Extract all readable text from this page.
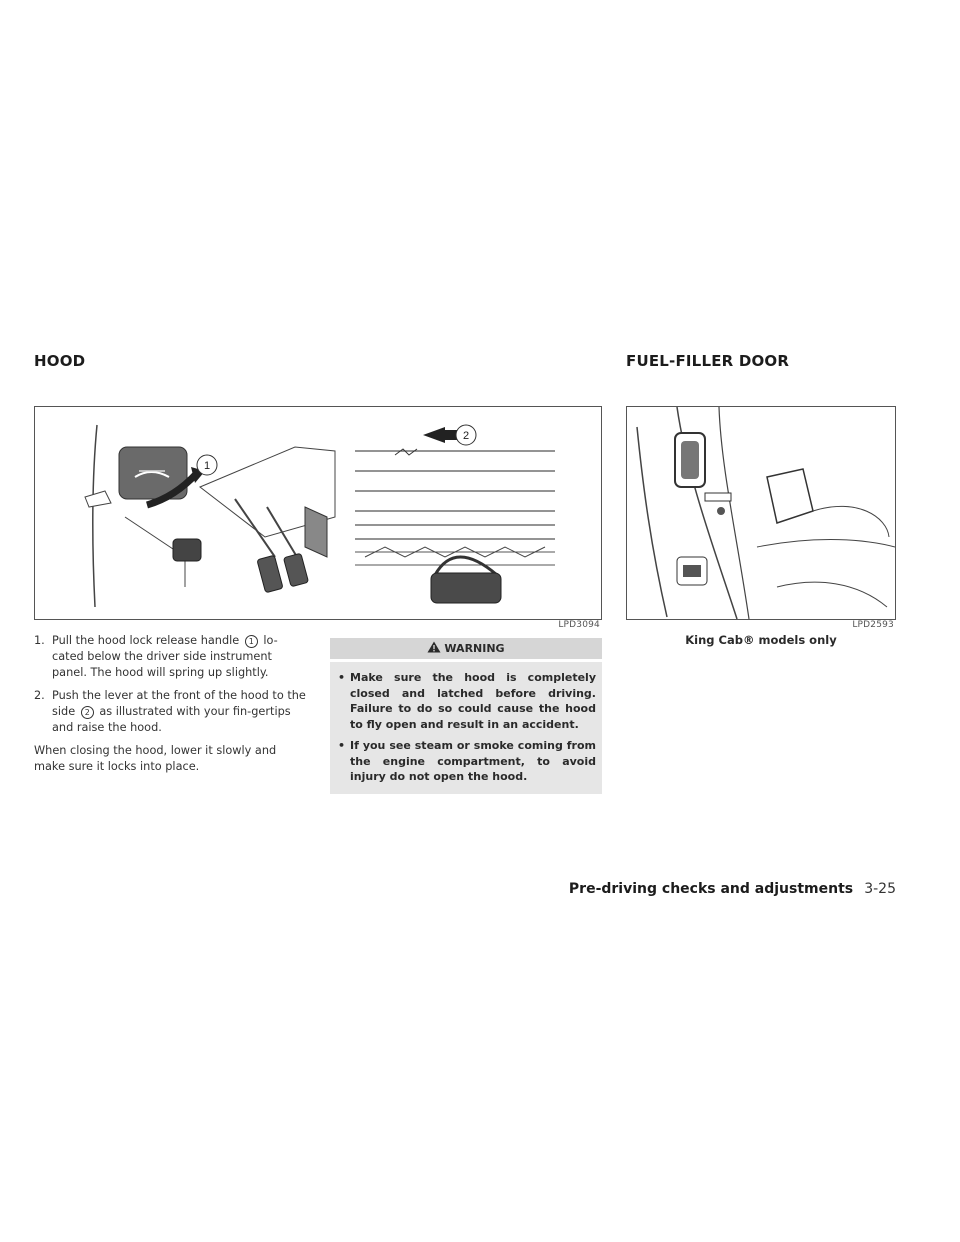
HOOD	FUEL-FILLER DOOR
1
2
LPD3094	LPD2593
King Cab® models only
1. Pull the hood lock release handle 1 lo-cated below the driver side instrument panel. The hood will spring up slightly.
2. Push the lever at the front of the hood to the side 2 as illustrated with your fin-gertips and raise the hood.
When closing the hood, lower it slowly and make sure it locks into place.
WARNING
• Make sure the hood is completely closed and latched before driving. Failure to do so could cause the hood to fly open and result in an accident.
• If you see steam or smoke coming from the engine compartment, to avoid injury do not open the hood.
Pre-driving checks and adjustments 3-25
